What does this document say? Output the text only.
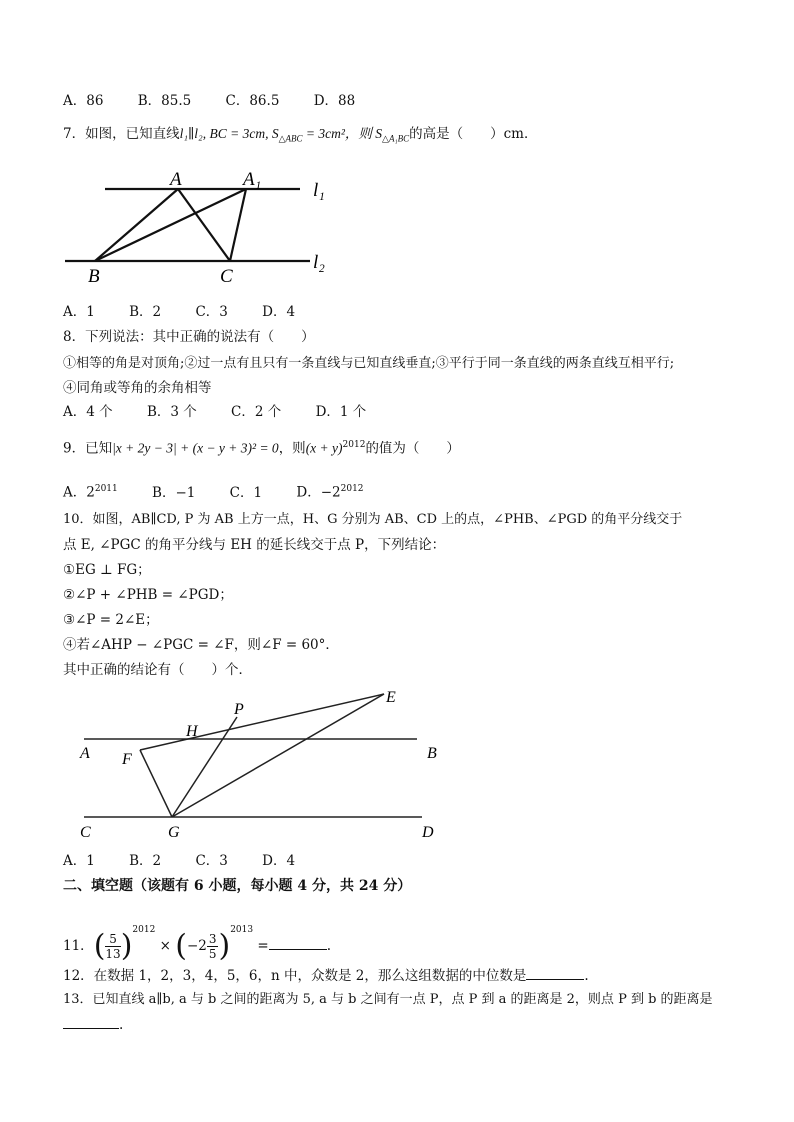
A．86	B．85.5	C．86.5	D．88
7．如图，已知直线l₁∥l₂, BC = 3cm, $S_{\triangle ABC} = 3cm^2$，则 $S_{\triangle A_1BC}$的高是（　　）cm．
A	A₁
l₁
l₂
B	C
A．1	B．2	C．3	D．4
8．下列说法：其中正确的说法有（　　）
①相等的角是对顶角;②过一点有且只有一条直线与已知直线垂直;③平行于同一条直线的两条直线互相平行;
④同角或等角的余角相等
A．4 个	B．3 个	C．2 个	D．1 个
9．已知|x + 2y − 3| + (x − y + 3)² = 0，则$(x + y)^{2012}$的值为（　　）
A．$2^{2011}$	B．−1	C．1	D．$-2^{2012}$
10．如图，AB∥CD, P 为 AB 上方一点，H、G 分别为 AB、CD 上的点，∠PHB、∠PGD 的角平分线交于
点 E, ∠PGC 的角平分线与 EH 的延长线交于点 P，下列结论：
①EG ⊥ FG；
②∠P + ∠PHB = ∠PGD；
③∠P = 2∠E；
④若∠AHP − ∠PGC = ∠F，则∠F = 60°．
其中正确的结论有（　　）个．
E
P
H
A	B
F
C	G	D
A．1	B．2	C．3	D．4
二、填空题（该题有 6 小题，每小题 4 分，共 24 分）
11．( $\frac{5}{13} )^{2012} \times (-2 \frac{3}{5} )^{2013}$ =	.
12．在数据 1，2，3，4，5，6，n 中，众数是 2，那么这组数据的中位数是	.
13．已知直线 a∥b, a 与 b 之间的距离为 5, a 与 b 之间有一点 P，点 P 到 a 的距离是 2，则点 P 到 b 的距离是
.
